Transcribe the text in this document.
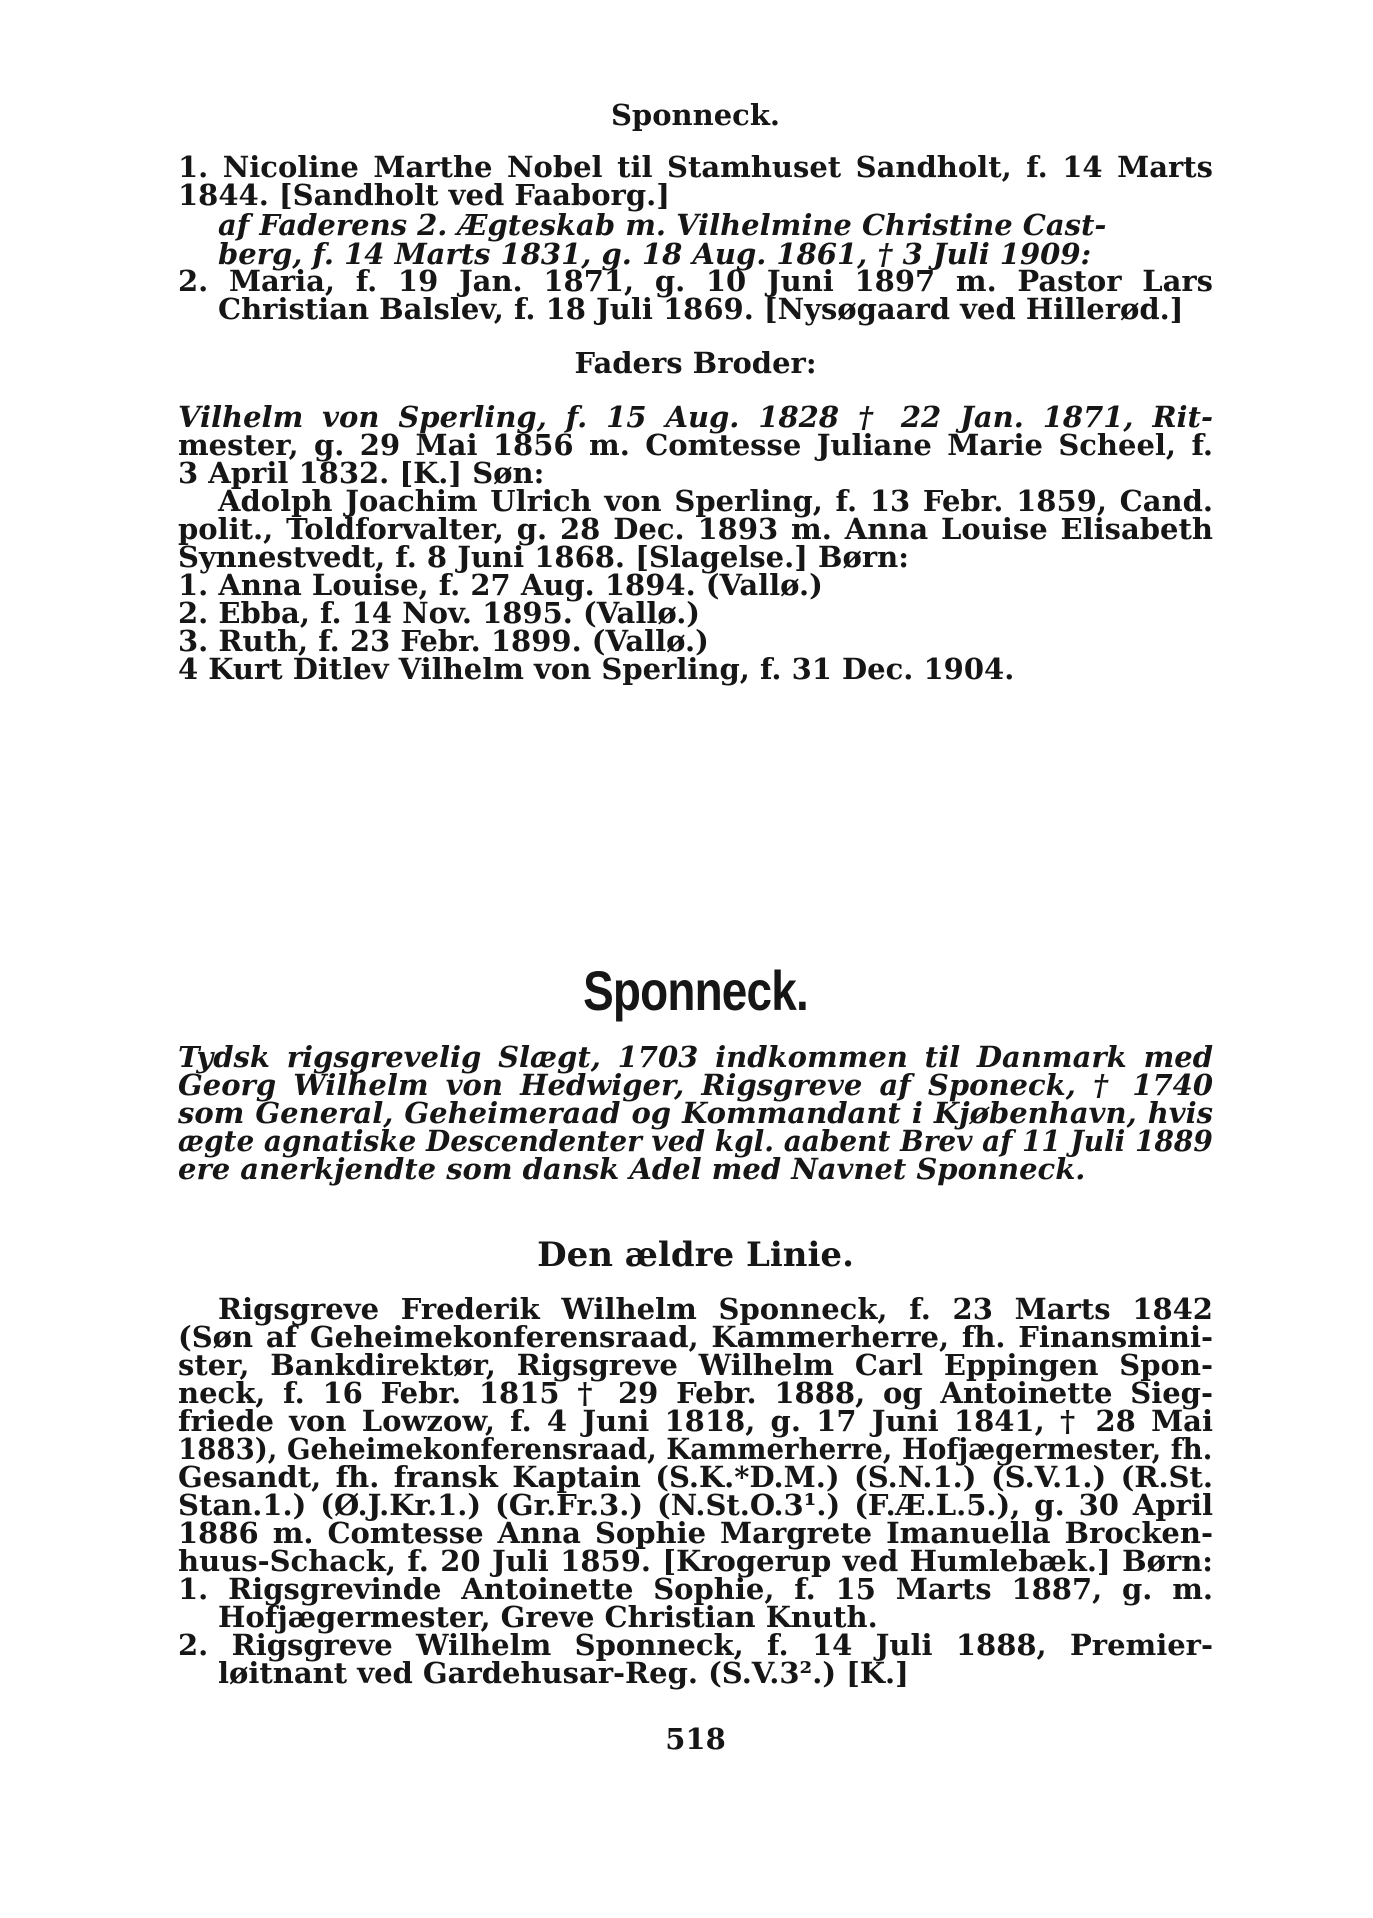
Sponneck.
1. Nicoline Marthe Nobel til Stamhuset Sandholt, f. 14 Marts
1844. [Sandholt ved Faaborg.]
af Faderens 2. Ægteskab m. Vilhelmine Christine Cast-
berg, f. 14 Marts 1831, g. 18 Aug. 1861, † 3 Juli 1909:
2. Maria, f. 19 Jan. 1871, g. 10 Juni 1897 m. Pastor Lars
Christian Balslev, f. 18 Juli 1869. [Nysøgaard ved Hillerød.]
Faders Broder:
Vilhelm von Sperling, f. 15 Aug. 1828 † 22 Jan. 1871, Rit-
mester, g. 29 Mai 1856 m. Comtesse Juliane Marie Scheel, f.
3 April 1832. [K.] Søn:
Adolph Joachim Ulrich von Sperling, f. 13 Febr. 1859, Cand.
polit., Toldforvalter, g. 28 Dec. 1893 m. Anna Louise Elisabeth
Synnestvedt, f. 8 Juni 1868. [Slagelse.] Børn:
1. Anna Louise, f. 27 Aug. 1894. (Vallø.)
2. Ebba, f. 14 Nov. 1895. (Vallø.)
3. Ruth, f. 23 Febr. 1899. (Vallø.)
4 Kurt Ditlev Vilhelm von Sperling, f. 31 Dec. 1904.
Sponneck.
Tydsk rigsgrevelig Slægt, 1703 indkommen til Danmark med
Georg Wilhelm von Hedwiger, Rigsgreve af Sponeck, † 1740
som General, Geheimeraad og Kommandant i Kjøbenhavn, hvis
ægte agnatiske Descendenter ved kgl. aabent Brev af 11 Juli 1889
ere anerkjendte som dansk Adel med Navnet Sponneck.
Den ældre Linie.
Rigsgreve Frederik Wilhelm Sponneck, f. 23 Marts 1842
(Søn af Geheimekonferensraad, Kammerherre, fh. Finansmini-
ster, Bankdirektør, Rigsgreve Wilhelm Carl Eppingen Spon-
neck, f. 16 Febr. 1815 † 29 Febr. 1888, og Antoinette Sieg-
friede von Lowzow, f. 4 Juni 1818, g. 17 Juni 1841, † 28 Mai
1883), Geheimekonferensraad, Kammerherre, Hofjægermester, fh.
Gesandt, fh. fransk Kaptain (S.K.*D.M.) (S.N.1.) (S.V.1.) (R.St.
Stan.1.) (Ø.J.Kr.1.) (Gr.Fr.3.) (N.St.O.3¹.) (F.Æ.L.5.), g. 30 April
1886 m. Comtesse Anna Sophie Margrete Imanuella Brocken-
huus-Schack, f. 20 Juli 1859. [Krogerup ved Humlebæk.] Børn:
1. Rigsgrevinde Antoinette Sophie, f. 15 Marts 1887, g. m.
Hofjægermester, Greve Christian Knuth.
2. Rigsgreve Wilhelm Sponneck, f. 14 Juli 1888, Premier-
løitnant ved Gardehusar-Reg. (S.V.3².) [K.]
518
